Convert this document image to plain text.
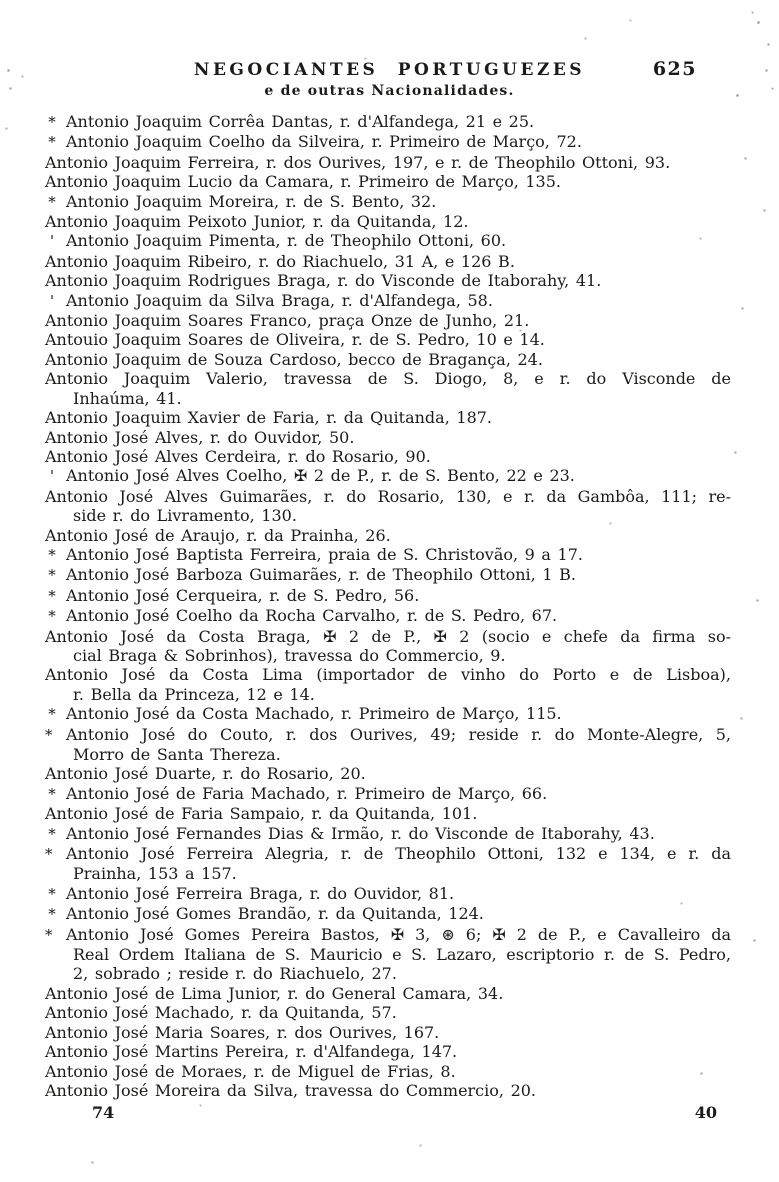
NEGOCIANTES PORTUGUEZES
e de outras Nacionalidades.
625
* Antonio Joaquim Corrêa Dantas, r. d'Alfandega, 21 e 25.
* Antonio Joaquim Coelho da Silveira, r. Primeiro de Março, 72.
Antonio Joaquim Ferreira, r. dos Ourives, 197, e r. de Theophilo Ottoni, 93.
Antonio Joaquim Lucio da Camara, r. Primeiro de Março, 135.
* Antonio Joaquim Moreira, r. de S. Bento, 32.
Antonio Joaquim Peixoto Junior, r. da Quitanda, 12.
' Antonio Joaquim Pimenta, r. de Theophilo Ottoni, 60.
Antonio Joaquim Ribeiro, r. do Riachuelo, 31 A, e 126 B.
Antonio Joaquim Rodrigues Braga, r. do Visconde de Itaborahy, 41.
' Antonio Joaquim da Silva Braga, r. d'Alfandega, 58.
Antonio Joaquim Soares Franco, praça Onze de Junho, 21.
Antouio Joaquim Soares de Oliveira, r. de S. Pedro, 10 e 14.
Antonio Joaquim de Souza Cardoso, becco de Bragança, 24.
Antonio Joaquim Valerio, travessa de S. Diogo, 8, e r. do Visconde de
Inhaúma, 41.
Antonio Joaquim Xavier de Faria, r. da Quitanda, 187.
Antonio José Alves, r. do Ouvidor, 50.
Antonio José Alves Cerdeira, r. do Rosario, 90.
' Antonio José Alves Coelho, ✠ 2 de P., r. de S. Bento, 22 e 23.
Antonio José Alves Guimarães, r. do Rosario, 130, e r. da Gambôa, 111; re-
side r. do Livramento, 130.
Antonio José de Araujo, r. da Prainha, 26.
* Antonio José Baptista Ferreira, praia de S. Christovão, 9 a 17.
* Antonio José Barboza Guimarães, r. de Theophilo Ottoni, 1 B.
* Antonio José Cerqueira, r. de S. Pedro, 56.
* Antonio José Coelho da Rocha Carvalho, r. de S. Pedro, 67.
Antonio José da Costa Braga, ✠ 2 de P., ✠ 2 (socio e chefe da firma so-
cial Braga & Sobrinhos), travessa do Commercio, 9.
Antonio José da Costa Lima (importador de vinho do Porto e de Lisboa),
r. Bella da Princeza, 12 e 14.
* Antonio José da Costa Machado, r. Primeiro de Março, 115.
* Antonio José do Couto, r. dos Ourives, 49; reside r. do Monte-Alegre, 5,
Morro de Santa Thereza.
Antonio José Duarte, r. do Rosario, 20.
* Antonio José de Faria Machado, r. Primeiro de Março, 66.
Antonio José de Faria Sampaio, r. da Quitanda, 101.
* Antonio José Fernandes Dias & Irmão, r. do Visconde de Itaborahy, 43.
* Antonio José Ferreira Alegria, r. de Theophilo Ottoni, 132 e 134, e r. da
Prainha, 153 a 157.
* Antonio José Ferreira Braga, r. do Ouvidor, 81.
* Antonio José Gomes Brandão, r. da Quitanda, 124.
* Antonio José Gomes Pereira Bastos, ✠ 3, ⊛ 6; ✠ 2 de P., e Cavalleiro da
Real Ordem Italiana de S. Mauricio e S. Lazaro, escriptorio r. de S. Pedro,
2, sobrado ; reside r. do Riachuelo, 27.
Antonio José de Lima Junior, r. do General Camara, 34.
Antonio José Machado, r. da Quitanda, 57.
Antonio José Maria Soares, r. dos Ourives, 167.
Antonio José Martins Pereira, r. d'Alfandega, 147.
Antonio José de Moraes, r. de Miguel de Frias, 8.
Antonio José Moreira da Silva, travessa do Commercio, 20.
74	40
